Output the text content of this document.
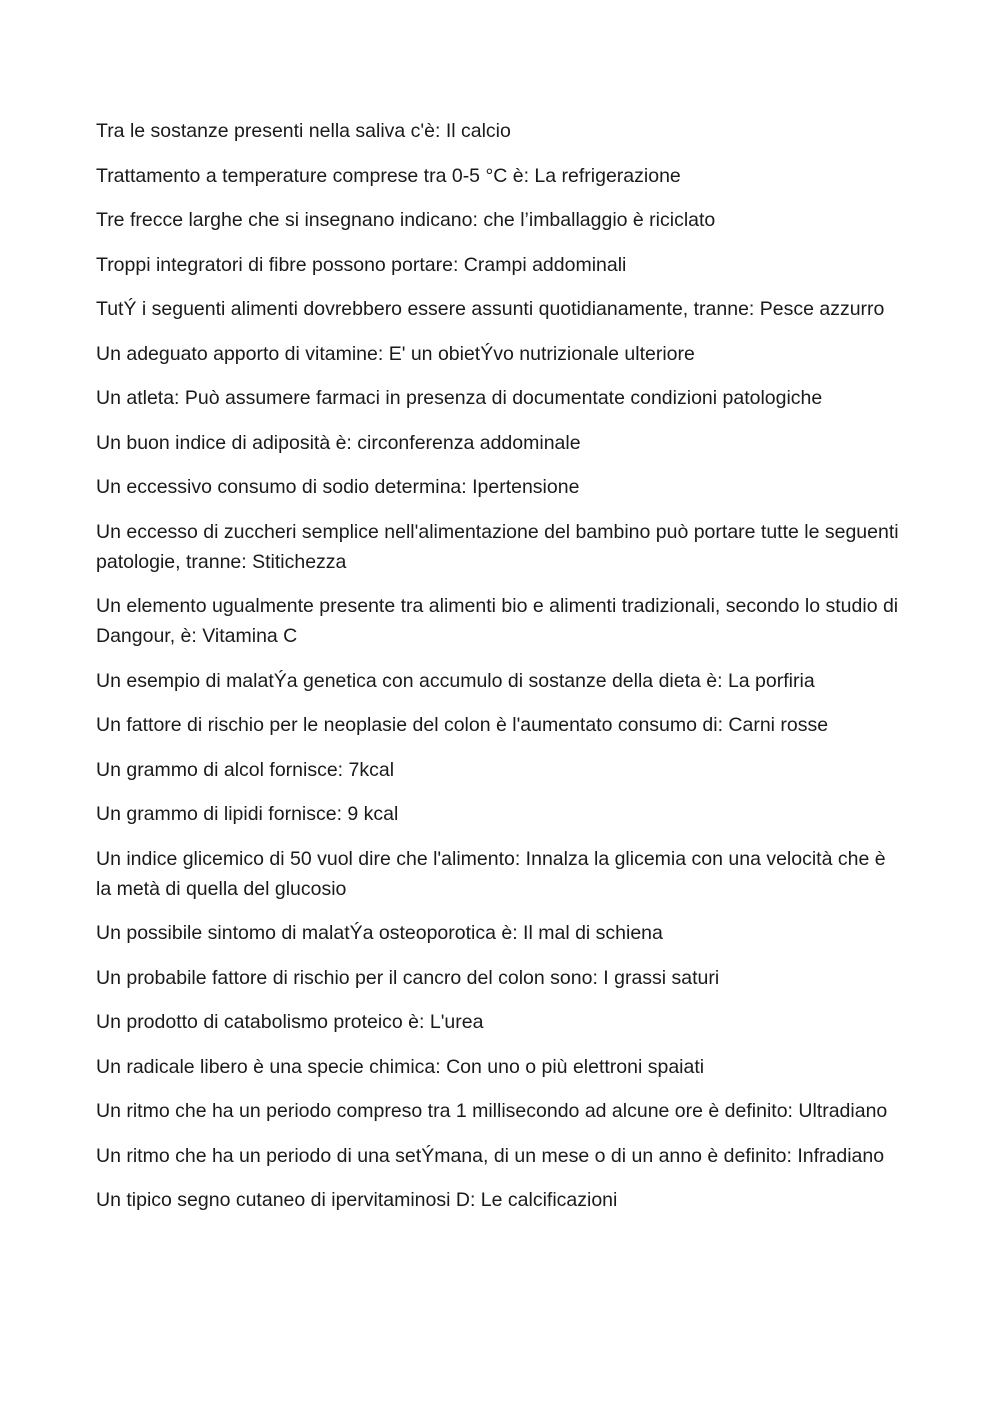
Tra le sostanze presenti nella saliva c'è: Il calcio

Trattamento a temperature comprese tra 0-5 °C è: La refrigerazione

Tre frecce larghe che si insegnano indicano: che l’imballaggio è riciclato

Troppi integratori di fibre possono portare: Crampi addominali

TutÝ i seguenti alimenti dovrebbero essere assunti quotidianamente, tranne: Pesce azzurro

Un adeguato apporto di vitamine: E' un obietÝvo nutrizionale ulteriore

Un atleta: Può assumere farmaci in presenza di documentate condizioni patologiche

Un buon indice di adiposità è: circonferenza addominale

Un eccessivo consumo di sodio determina: Ipertensione

Un eccesso di zuccheri semplice nell'alimentazione del bambino può portare tutte le seguenti patologie, tranne: Stitichezza

Un elemento ugualmente presente tra alimenti bio e alimenti tradizionali, secondo lo studio di Dangour, è: Vitamina C

Un esempio di malatÝa genetica con accumulo di sostanze della dieta è: La porfiria

Un fattore di rischio per le neoplasie del colon è l'aumentato consumo di: Carni rosse

Un grammo di alcol fornisce: 7kcal

Un grammo di lipidi fornisce: 9 kcal

Un indice glicemico di 50 vuol dire che l'alimento: Innalza la glicemia con una velocità che è la metà di quella del glucosio

Un possibile sintomo di malatÝa osteoporotica è: Il mal di schiena

Un probabile fattore di rischio per il cancro del colon sono: I grassi saturi

Un prodotto di catabolismo proteico è: L'urea

Un radicale libero è una specie chimica: Con uno o più elettroni spaiati

Un ritmo che ha un periodo compreso tra 1 millisecondo ad alcune ore è definito: Ultradiano

Un ritmo che ha un periodo di una setÝmana, di un mese o di un anno è definito: Infradiano

Un tipico segno cutaneo di ipervitaminosi D: Le calcificazioni
